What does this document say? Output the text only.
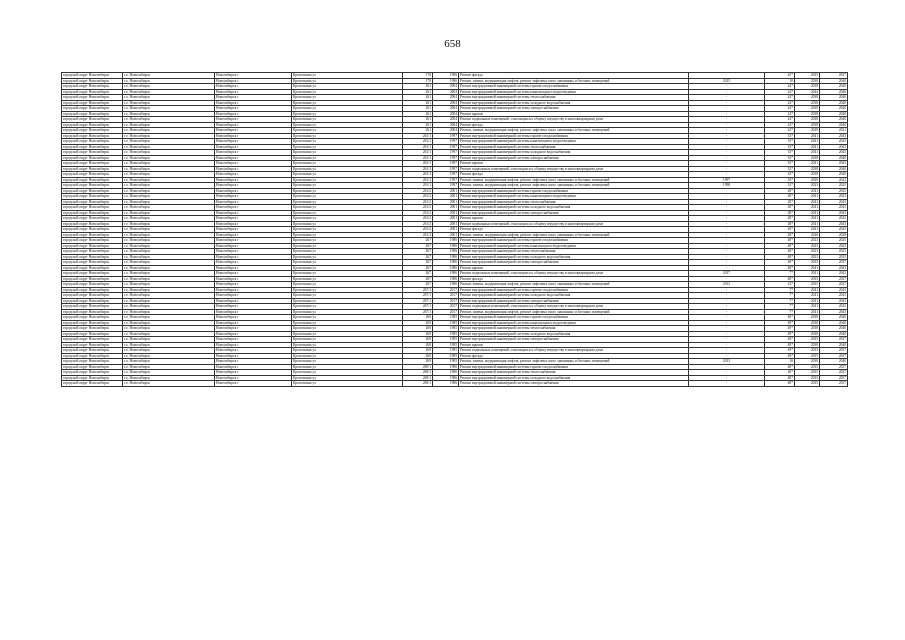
658
городской округ Новосибирск	г.о. Новосибирск	Новосибирск г	Кропоткина ул	178	1986	Ремонт фасада	-	45*	2035	2037
городской округ Новосибирск	г.о. Новосибирск	Новосибирск г	Кропоткина ул	178	1986	Ремонт, замена, модернизация лифтов, ремонт лифтовых шахт, машинных и блочных помещений	2015	10	2038	2040
городской округ Новосибирск	г.о. Новосибирск	Новосибирск г	Кропоткина ул	261	2004	Ремонт внутридомовой инженерной системы горячего водоснабжения	-	24*	2038	2040
городской округ Новосибирск	г.о. Новосибирск	Новосибирск г	Кропоткина ул	261	2004	Ремонт внутридомовой инженерной системы канализации и водоотведения	-	24*	2044	2046
городской округ Новосибирск	г.о. Новосибирск	Новосибирск г	Кропоткина ул	261	2004	Ремонт внутридомовой инженерной системы теплоснабжения	-	24*	2038	2040
городской округ Новосибирск	г.о. Новосибирск	Новосибирск г	Кропоткина ул	261	2004	Ремонт внутридомовой инженерной системы холодного водоснабжения	-	24*	2038	2040
городской округ Новосибирск	г.о. Новосибирск	Новосибирск г	Кропоткина ул	261	2004	Ремонт внутридомовой инженерной системы электроснабжения	-	24*	2038	2040
городской округ Новосибирск	г.о. Новосибирск	Новосибирск г	Кропоткина ул	261	2004	Ремонт крыши	-	24*	2038	2040
городской округ Новосибирск	г.о. Новосибирск	Новосибирск г	Кропоткина ул	261	2004	Ремонт подвальных помещений, относящихся к общему имуществу в многоквартирном доме	-	24*	2038	2040
городской округ Новосибирск	г.о. Новосибирск	Новосибирск г	Кропоткина ул	261	2004	Ремонт фасада	-	24*	2038	2040
городской округ Новосибирск	г.о. Новосибирск	Новосибирск г	Кропоткина ул	261	2004	Ремонт, замена, модернизация лифтов, ремонт лифтовых шахт, машинных и блочных помещений	-	24*	2029	2031
городской округ Новосибирск	г.о. Новосибирск	Новосибирск г	Кропоткина ул	261/1	1997	Ремонт внутридомовой инженерной системы горячего водоснабжения	-	33*	2041	2043
городской округ Новосибирск	г.о. Новосибирск	Новосибирск г	Кропоткина ул	261/1	1997	Ремонт внутридомовой инженерной системы канализации и водоотведения	-	33*	2041	2043
городской округ Новосибирск	г.о. Новосибирск	Новосибирск г	Кропоткина ул	261/1	1997	Ремонт внутридомовой инженерной системы теплоснабжения	-	33*	2041	2043
городской округ Новосибирск	г.о. Новосибирск	Новосибирск г	Кропоткина ул	261/1	1997	Ремонт внутридомовой инженерной системы холодного водоснабжения	-	33*	2041	2043
городской округ Новосибирск	г.о. Новосибирск	Новосибирск г	Кропоткина ул	261/1	1997	Ремонт внутридомовой инженерной системы электроснабжения	-	33*	2038	2040
городской округ Новосибирск	г.о. Новосибирск	Новосибирск г	Кропоткина ул	261/1	1997	Ремонт крыши	-	33*	2041	2043
городской округ Новосибирск	г.о. Новосибирск	Новосибирск г	Кропоткина ул	261/1	1997	Ремонт подвальных помещений, относящихся к общему имуществу в многоквартирном доме	-	33*	2038	2040
городской округ Новосибирск	г.о. Новосибирск	Новосибирск г	Кропоткина ул	261/1	1997	Ремонт фасада	-	33*	2038	2040
городской округ Новосибирск	г.о. Новосибирск	Новосибирск г	Кропоткина ул	261/1	1997	Ремонт, замена, модернизация лифтов, ремонт лифтовых шахт, машинных и блочных помещений	1997	33*	2020	2022
городской округ Новосибирск	г.о. Новосибирск	Новосибирск г	Кропоткина ул	261/1	1997	Ремонт, замена, модернизация лифтов, ремонт лифтовых шахт, машинных и блочных помещений	1998	32*	2023	2025
городской округ Новосибирск	г.о. Новосибирск	Новосибирск г	Кропоткина ул	261/2	2001	Ремонт внутридомовой инженерной системы горячего водоснабжения	-	28*	2041	2043
городской округ Новосибирск	г.о. Новосибирск	Новосибирск г	Кропоткина ул	261/2	2001	Ремонт внутридомовой инженерной системы канализации и водоотведения	-	28*	2041	2043
городской округ Новосибирск	г.о. Новосибирск	Новосибирск г	Кропоткина ул	261/2	2001	Ремонт внутридомовой инженерной системы теплоснабжения	-	28*	2041	2043
городской округ Новосибирск	г.о. Новосибирск	Новосибирск г	Кропоткина ул	261/2	2001	Ремонт внутридомовой инженерной системы холодного водоснабжения	-	28*	2041	2043
городской округ Новосибирск	г.о. Новосибирск	Новосибирск г	Кропоткина ул	261/2	2001	Ремонт внутридомовой инженерной системы электроснабжения	-	28*	2041	2043
городской округ Новосибирск	г.о. Новосибирск	Новосибирск г	Кропоткина ул	261/2	2001	Ремонт крыши	-	28*	2041	2043
городской округ Новосибирск	г.о. Новосибирск	Новосибирск г	Кропоткина ул	261/2	2001	Ремонт подвальных помещений, относящихся к общему имуществу в многоквартирном доме	-	28*	2041	2043
городской округ Новосибирск	г.о. Новосибирск	Новосибирск г	Кропоткина ул	261/2	2001	Ремонт фасада	-	28*	2041	2043
городской округ Новосибирск	г.о. Новосибирск	Новосибирск г	Кропоткина ул	261/2	2001	Ремонт, замена, модернизация лифтов, ремонт лифтовых шахт, машинных и блочных помещений	-	28*	2026	2028
городской округ Новосибирск	г.о. Новосибирск	Новосибирск г	Кропоткина ул	267	1986	Ремонт внутридомовой инженерной системы горячего водоснабжения	-	48*	2023	2025
городской округ Новосибирск	г.о. Новосибирск	Новосибирск г	Кропоткина ул	267	1986	Ремонт внутридомовой инженерной системы канализации и водоотведения	-	48*	2023	2025
городской округ Новосибирск	г.о. Новосибирск	Новосибирск г	Кропоткина ул	267	1986	Ремонт внутридомовой инженерной системы теплоснабжения	-	48*	2023	2025
городской округ Новосибирск	г.о. Новосибирск	Новосибирск г	Кропоткина ул	267	1986	Ремонт внутридомовой инженерной системы холодного водоснабжения	-	48*	2023	2025
городской округ Новосибирск	г.о. Новосибирск	Новосибирск г	Кропоткина ул	267	1986	Ремонт внутридомовой инженерной системы электроснабжения	-	48*	2035	2037
городской округ Новосибирск	г.о. Новосибирск	Новосибирск г	Кропоткина ул	267	1986	Ремонт крыши	-	48*	2041	2043
городской округ Новосибирск	г.о. Новосибирск	Новосибирск г	Кропоткина ул	267	1986	Ремонт подвальных помещений, относящихся к общему имуществу в многоквартирном доме	2017	7*	2041	2043
городской округ Новосибирск	г.о. Новосибирск	Новосибирск г	Кропоткина ул	267	1986	Ремонт фасада	-	48*	2035	2037
городской округ Новосибирск	г.о. Новосибирск	Новосибирск г	Кропоткина ул	267	1986	Ремонт, замена, модернизация лифтов, ремонт лифтовых шахт, машинных и блочных помещений	2012	12*	2035	2037
городской округ Новосибирск	г.о. Новосибирск	Новосибирск г	Кропоткина ул	267/1	2017	Ремонт внутридомовой инженерной системы горячего водоснабжения	-	7*	2041	2043
городской округ Новосибирск	г.о. Новосибирск	Новосибирск г	Кропоткина ул	267/1	2017	Ремонт внутридомовой инженерной системы холодного водоснабжения	-	7*	2041	2043
городской округ Новосибирск	г.о. Новосибирск	Новосибирск г	Кропоткина ул	267/1	2017	Ремонт внутридомовой инженерной системы электроснабжения	-	7*	2041	2043
городской округ Новосибирск	г.о. Новосибирск	Новосибирск г	Кропоткина ул	267/1	2017	Ремонт подвальных помещений, относящихся к общему имуществу в многоквартирном доме	-	7*	2041	2043
городской округ Новосибирск	г.о. Новосибирск	Новосибирск г	Кропоткина ул	267/1	2017	Ремонт, замена, модернизация лифтов, ремонт лифтовых шахт, машинных и блочных помещений	-	7*	2041	2043
городской округ Новосибирск	г.о. Новосибирск	Новосибирск г	Кропоткина ул	269	1985	Ремонт внутридомовой инженерной системы горячего водоснабжения	-	49*	2038	2040
городской округ Новосибирск	г.о. Новосибирск	Новосибирск г	Кропоткина ул	269	1985	Ремонт внутридомовой инженерной системы канализации и водоотведения	-	49*	2038	2040
городской округ Новосибирск	г.о. Новосибирск	Новосибирск г	Кропоткина ул	269	1985	Ремонт внутридомовой инженерной системы теплоснабжения	-	49*	2038	2040
городской округ Новосибирск	г.о. Новосибирск	Новосибирск г	Кропоткина ул	269	1985	Ремонт внутридомовой инженерной системы холодного водоснабжения	-	49*	2038	2040
городской округ Новосибирск	г.о. Новосибирск	Новосибирск г	Кропоткина ул	269	1985	Ремонт внутридомовой инженерной системы электроснабжения	-	49*	2035	2037
городской округ Новосибирск	г.о. Новосибирск	Новосибирск г	Кропоткина ул	269	1985	Ремонт крыши	-	49*	2038	2040
городской округ Новосибирск	г.о. Новосибирск	Новосибирск г	Кропоткина ул	269	1985	Ремонт подвальных помещений, относящихся к общему имуществу в многоквартирном доме	-	49*	2035	2037
городской округ Новосибирск	г.о. Новосибирск	Новосибирск г	Кропоткина ул	269	1985	Ремонт фасада	-	49*	2035	2037
городской округ Новосибирск	г.о. Новосибирск	Новосибирск г	Кропоткина ул	269	1985	Ремонт, замена, модернизация лифтов, ремонт лифтовых шахт, машинных и блочных помещений	2013	16	2038	2040
городской округ Новосибирск	г.о. Новосибирск	Новосибирск г	Кропоткина ул	269/1	1986	Ремонт внутридомовой инженерной системы горячего водоснабжения	-	48*	2035	2037
городской округ Новосибирск	г.о. Новосибирск	Новосибирск г	Кропоткина ул	269/1	1986	Ремонт внутридомовой инженерной системы теплоснабжения	-	48*	2035	2037
городской округ Новосибирск	г.о. Новосибирск	Новосибирск г	Кропоткина ул	269/1	1986	Ремонт внутридомовой инженерной системы холодного водоснабжения	-	48*	2035	2037
городской округ Новосибирск	г.о. Новосибирск	Новосибирск г	Кропоткина ул	269/1	1986	Ремонт внутридомовой инженерной системы электроснабжения	-	48*	2035	2037
